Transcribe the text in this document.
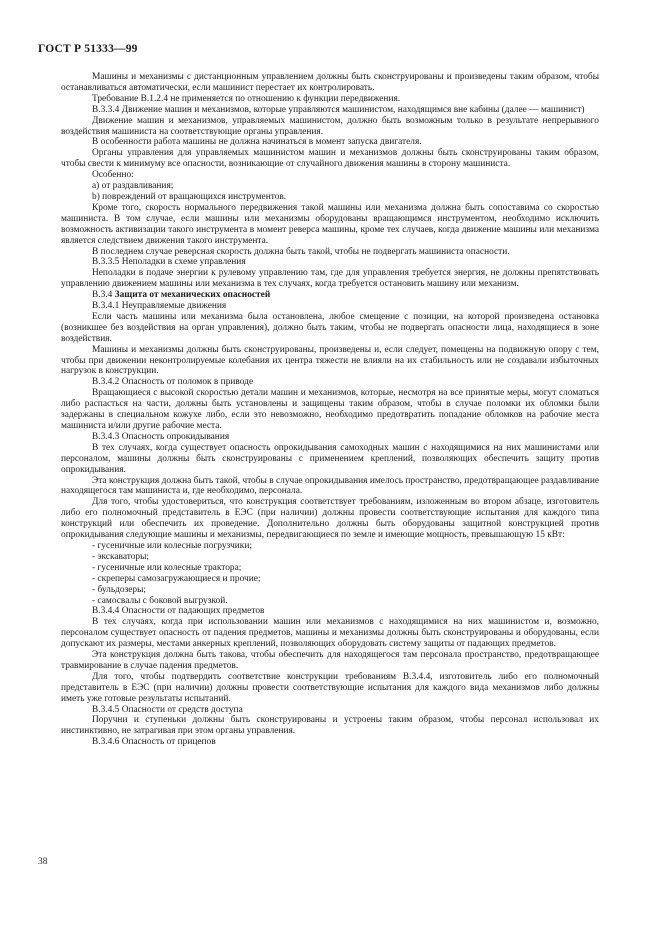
ГОСТ Р 51333—99

Машины и механизмы с дистанционным управлением должны быть сконструированы и произведены таким образом, чтобы останавливаться автоматически, если машинист перестает их контролировать.

Требование В.1.2.4 не применяется по отношению к функции передвижения.

В.3.3.4 Движение машин и механизмов, которые управляются машинистом, находящимся вне кабины (далее — машинист)

Движение машин и механизмов, управляемых машинистом, должно быть возможным только в результате непрерывного воздействия машиниста на соответствующие органы управления.

В особенности работа машины не должна начинаться в момент запуска двигателя.

Органы управления для управляемых машинистом машин и механизмов должны быть сконструированы таким образом, чтобы свести к минимуму все опасности, возникающие от случайного движения машины в сторону машиниста.

Особенно:

а) от раздавливания;

b) повреждений от вращающихся инструментов.

Кроме того, скорость нормального передвижения такой машины или механизма должна быть сопоставима со скоростью машиниста. В том случае, если машины или механизмы оборудованы вращающимся инструментом, необходимо исключить возможность активизации такого инструмента в момент реверса машины, кроме тех случаев, когда движение машины или механизма является следствием движения такого инструмента.

В последнем случае реверсная скорость должна быть такой, чтобы не подвергать машиниста опасности.

В.3.3.5 Неполадки в схеме управления

Неполадки в подаче энергии к рулевому управлению там, где для управления требуется энергия, не должны препятствовать управлению движением машины или механизма в тех случаях, когда требуется остановить машину или механизм.

В.3.4 Защита от механических опасностей

В.3.4.1 Неуправляемые движения

Если часть машины или механизма была остановлена, любое смещение с позиции, на которой произведена остановка (возникшее без воздействия на орган управления), должно быть таким, чтобы не подвергать опасности лица, находящиеся в зоне воздействия.

Машины и механизмы должны быть сконструированы, произведены и, если следует, помещены на подвижную опору с тем, чтобы при движении неконтролируемые колебания их центра тяжести не влияли на их стабильность или не создавали избыточных нагрузок в конструкции.

В.3.4.2 Опасность от поломок в приводе

Вращающиеся с высокой скоростью детали машин и механизмов, которые, несмотря на все принятые меры, могут сломаться либо распасться на части, должны быть установлены и защищены таким образом, чтобы в случае поломки их обломки были задержаны в специальном кожухе либо, если это невозможно, необходимо предотвратить попадание обломков на рабочие места машиниста и/или другие рабочие места.

В.3.4.3 Опасность опрокидывания

В тех случаях, когда существует опасность опрокидывания самоходных машин с находящимися на них машинистами или персоналом, машины должны быть сконструированы с применением креплений, позволяющих обеспечить защиту против опрокидывания.

Эта конструкция должна быть такой, чтобы в случае опрокидывания имелось пространство, предотвращающее раздавливание находящегося там машиниста и, где необходимо, персонала.

Для того, чтобы удостовериться, что конструкция соответствует требованиям, изложенным во втором абзаце, изготовитель либо его полномочный представитель в ЕЭС (при наличии) должны провести соответствующие испытания для каждого типа конструкций или обеспечить их проведение. Дополнительно должны быть оборудованы защитной конструкцией против опрокидывания следующие машины и механизмы, передвигающиеся по земле и имеющие мощность, превышающую 15 кВт:

- гусеничные или колесные погрузчики;

- экскаваторы;

- гусеничные или колесные трактора;

- скреперы самозагружающиеся и прочие;

- бульдозеры;

- самосвалы с боковой выгрузкой.

В.3.4.4 Опасности от падающих предметов

В тех случаях, когда при использовании машин или механизмов с находящимися на них машинистом и, возможно, персоналом существует опасность от падения предметов, машины и механизмы должны быть сконструированы и оборудованы, если допускают их размеры, местами анкерных креплений, позволяющих оборудовать систему защиты от падающих предметов.

Эта конструкция должна быть такова, чтобы обеспечить для находящегося там персонала пространство, предотвращающее травмирование в случае падения предметов.

Для того, чтобы подтвердить соответствие конструкции требованиям В.3.4.4, изготовитель либо его полномочный представитель в ЕЭС (при наличии) должны провести соответствующие испытания для каждого вида механизмов либо должны иметь уже готовые результаты испытаний.

В.3.4.5 Опасности от средств доступа

Поручни и ступеньки должны быть сконструированы и устроены таким образом, чтобы персонал использовал их инстинктивно, не затрагивая при этом органы управления.

В.3.4.6 Опасность от прицепов

38
